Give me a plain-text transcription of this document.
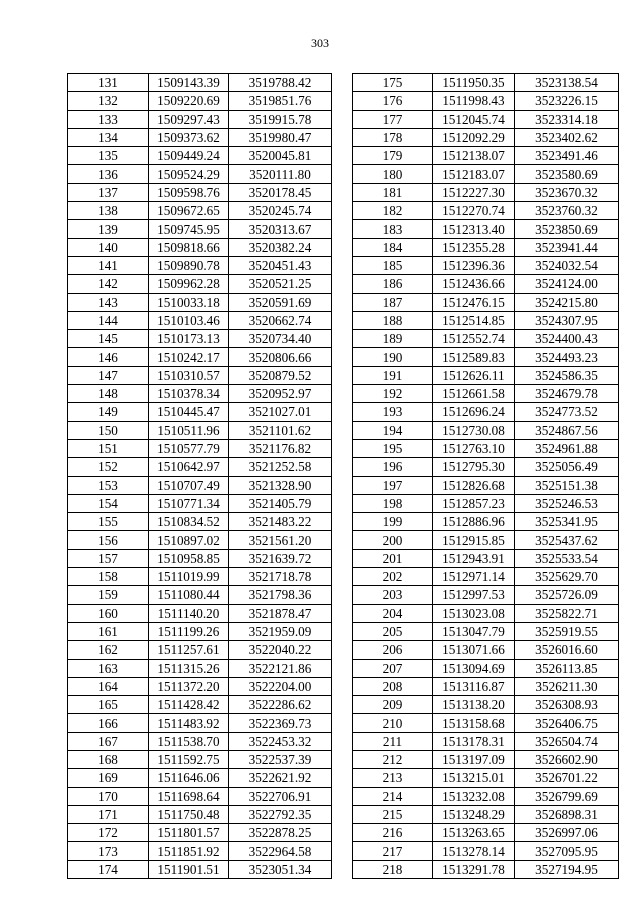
303
131	1509143.39	3519788.42
132	1509220.69	3519851.76
133	1509297.43	3519915.78
134	1509373.62	3519980.47
135	1509449.24	3520045.81
136	1509524.29	3520111.80
137	1509598.76	3520178.45
138	1509672.65	3520245.74
139	1509745.95	3520313.67
140	1509818.66	3520382.24
141	1509890.78	3520451.43
142	1509962.28	3520521.25
143	1510033.18	3520591.69
144	1510103.46	3520662.74
145	1510173.13	3520734.40
146	1510242.17	3520806.66
147	1510310.57	3520879.52
148	1510378.34	3520952.97
149	1510445.47	3521027.01
150	1510511.96	3521101.62
151	1510577.79	3521176.82
152	1510642.97	3521252.58
153	1510707.49	3521328.90
154	1510771.34	3521405.79
155	1510834.52	3521483.22
156	1510897.02	3521561.20
157	1510958.85	3521639.72
158	1511019.99	3521718.78
159	1511080.44	3521798.36
160	1511140.20	3521878.47
161	1511199.26	3521959.09
162	1511257.61	3522040.22
163	1511315.26	3522121.86
164	1511372.20	3522204.00
165	1511428.42	3522286.62
166	1511483.92	3522369.73
167	1511538.70	3522453.32
168	1511592.75	3522537.39
169	1511646.06	3522621.92
170	1511698.64	3522706.91
171	1511750.48	3522792.35
172	1511801.57	3522878.25
173	1511851.92	3522964.58
174	1511901.51	3523051.34
175	1511950.35	3523138.54
176	1511998.43	3523226.15
177	1512045.74	3523314.18
178	1512092.29	3523402.62
179	1512138.07	3523491.46
180	1512183.07	3523580.69
181	1512227.30	3523670.32
182	1512270.74	3523760.32
183	1512313.40	3523850.69
184	1512355.28	3523941.44
185	1512396.36	3524032.54
186	1512436.66	3524124.00
187	1512476.15	3524215.80
188	1512514.85	3524307.95
189	1512552.74	3524400.43
190	1512589.83	3524493.23
191	1512626.11	3524586.35
192	1512661.58	3524679.78
193	1512696.24	3524773.52
194	1512730.08	3524867.56
195	1512763.10	3524961.88
196	1512795.30	3525056.49
197	1512826.68	3525151.38
198	1512857.23	3525246.53
199	1512886.96	3525341.95
200	1512915.85	3525437.62
201	1512943.91	3525533.54
202	1512971.14	3525629.70
203	1512997.53	3525726.09
204	1513023.08	3525822.71
205	1513047.79	3525919.55
206	1513071.66	3526016.60
207	1513094.69	3526113.85
208	1513116.87	3526211.30
209	1513138.20	3526308.93
210	1513158.68	3526406.75
211	1513178.31	3526504.74
212	1513197.09	3526602.90
213	1513215.01	3526701.22
214	1513232.08	3526799.69
215	1513248.29	3526898.31
216	1513263.65	3526997.06
217	1513278.14	3527095.95
218	1513291.78	3527194.95
